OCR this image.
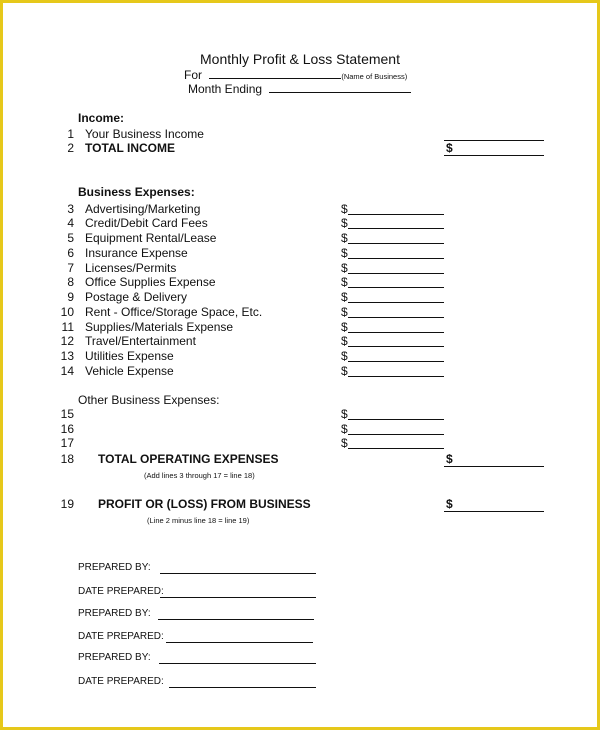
Monthly Profit & Loss Statement
For	(Name of Business)
Month Ending
Income:
1 Your Business Income
2 TOTAL INCOME	$
Business Expenses:
3 Advertising/Marketing	$
4 Credit/Debit Card Fees	$
5 Equipment Rental/Lease	$
6 Insurance Expense	$
7 Licenses/Permits	$
8 Office Supplies Expense	$
9 Postage & Delivery	$
10 Rent - Office/Storage Space, Etc.	$
11 Supplies/Materials Expense	$
12 Travel/Entertainment	$
13 Utilities Expense	$
14 Vehicle Expense	$
Other Business Expenses:
15	$
16	$
17	$
18 TOTAL OPERATING EXPENSES	$
(Add lines 3 through 17 = line 18)
19 PROFIT OR (LOSS) FROM BUSINESS	$
(Line 2 minus line 18 = line 19)
PREPARED BY:
DATE PREPARED:
PREPARED BY:
DATE PREPARED:
PREPARED BY:
DATE PREPARED:
